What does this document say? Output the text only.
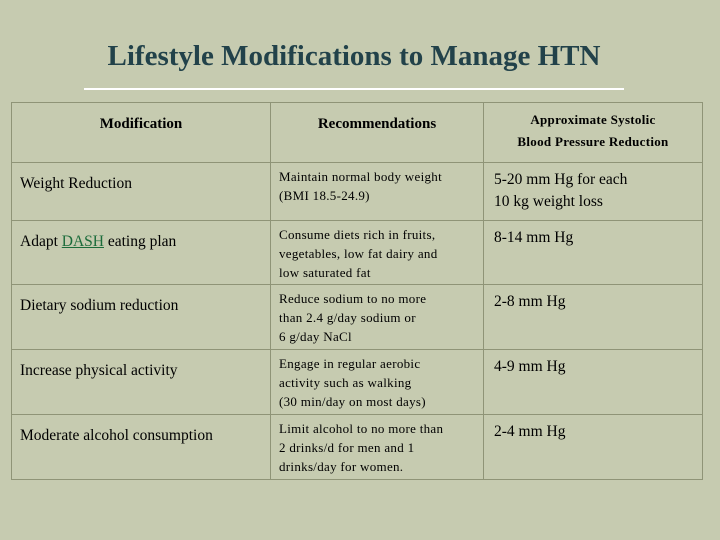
Lifestyle Modifications to Manage HTN
Modification	Recommendations	Approximate Systolic
Blood Pressure Reduction
Weight Reduction	Maintain normal body weight
(BMI 18.5-24.9)	5-20 mm Hg for each
10 kg weight loss
Adapt DASH eating plan	Consume diets rich in fruits,
vegetables, low fat dairy and
low saturated fat	8-14 mm Hg
Dietary sodium reduction	Reduce sodium to no more
than 2.4 g/day sodium or
6 g/day NaCl	2-8 mm Hg
Increase physical activity	Engage in regular aerobic
activity such as walking
(30 min/day on most days)	4-9 mm Hg
Moderate alcohol consumption	Limit alcohol to no more than
2 drinks/d for men and 1
drinks/day for women.	2-4 mm Hg
